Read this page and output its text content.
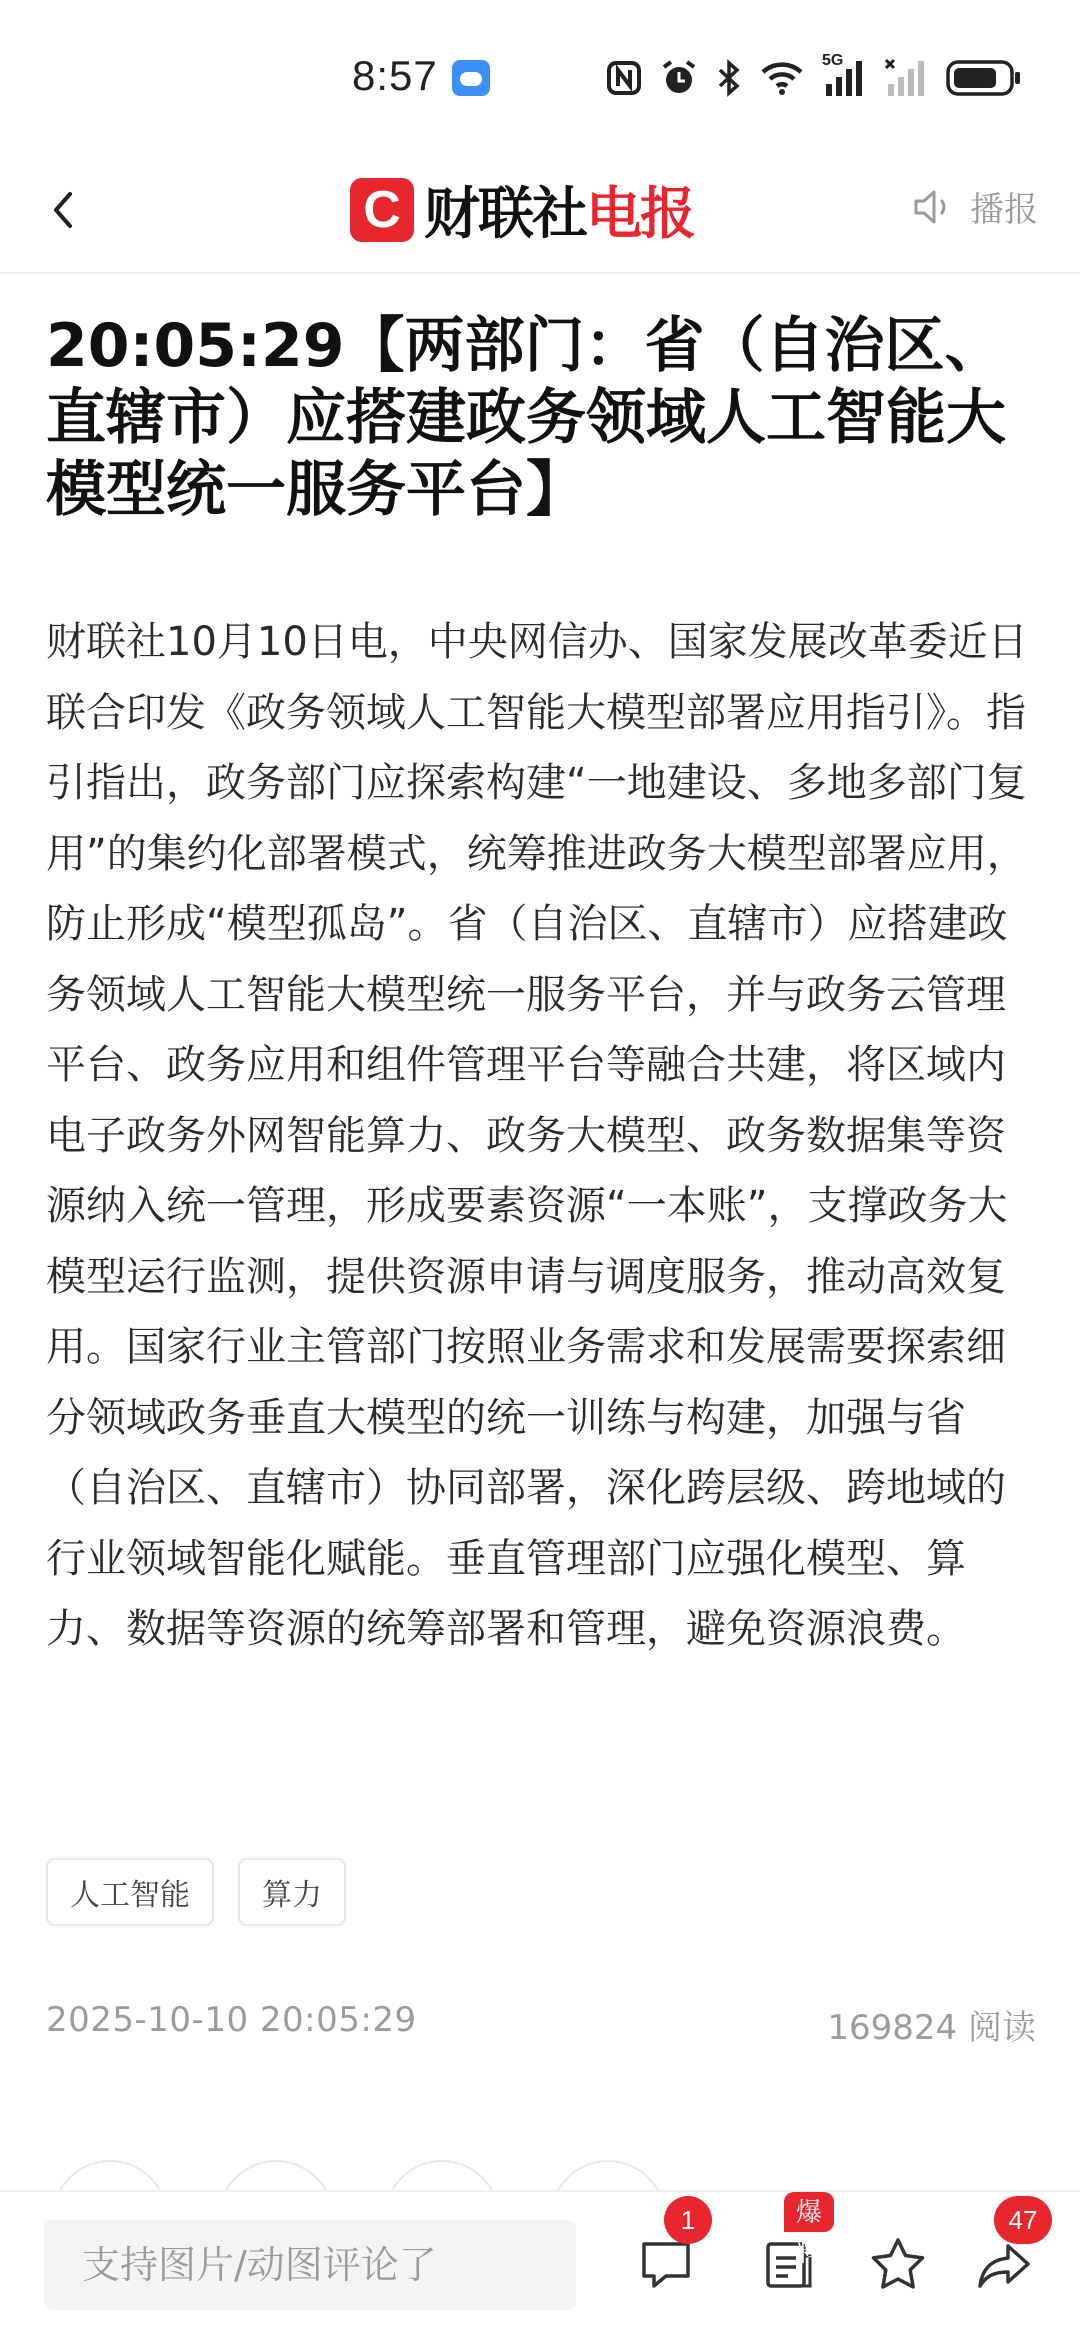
8:57	5G
C
财联社 电报	播报
20:05:29【两部门：省（自治区、直辖市）应搭建政务领域人工智能大模型统一服务平台】
财联社10月10日电，中央网信办、国家发展改革委近日联合印发《政务领域人工智能大模型部署应用指引》。指引指出，政务部门应探索构建“一地建设、多地多部门复用”的集约化部署模式，统筹推进政务大模型部署应用，防止形成“模型孤岛”。省（自治区、直辖市）应搭建政务领域人工智能大模型统一服务平台，并与政务云管理平台、政务应用和组件管理平台等融合共建，将区域内电子政务外网智能算力、政务大模型、政务数据集等资源纳入统一管理，形成要素资源“一本账”，支撑政务大模型运行监测，提供资源申请与调度服务，推动高效复用。国家行业主管部门按照业务需求和发展需要探索细分领域政务垂直大模型的统一训练与构建，加强与省（自治区、直辖市）协同部署，深化跨层级、跨地域的行业领域智能化赋能。垂直管理部门应强化模型、算力、数据等资源的统筹部署和管理，避免资源浪费。
人工智能	算力
2025-10-10 20:05:29	169824 阅读
支持图片/动图评论了
1	爆料
47
